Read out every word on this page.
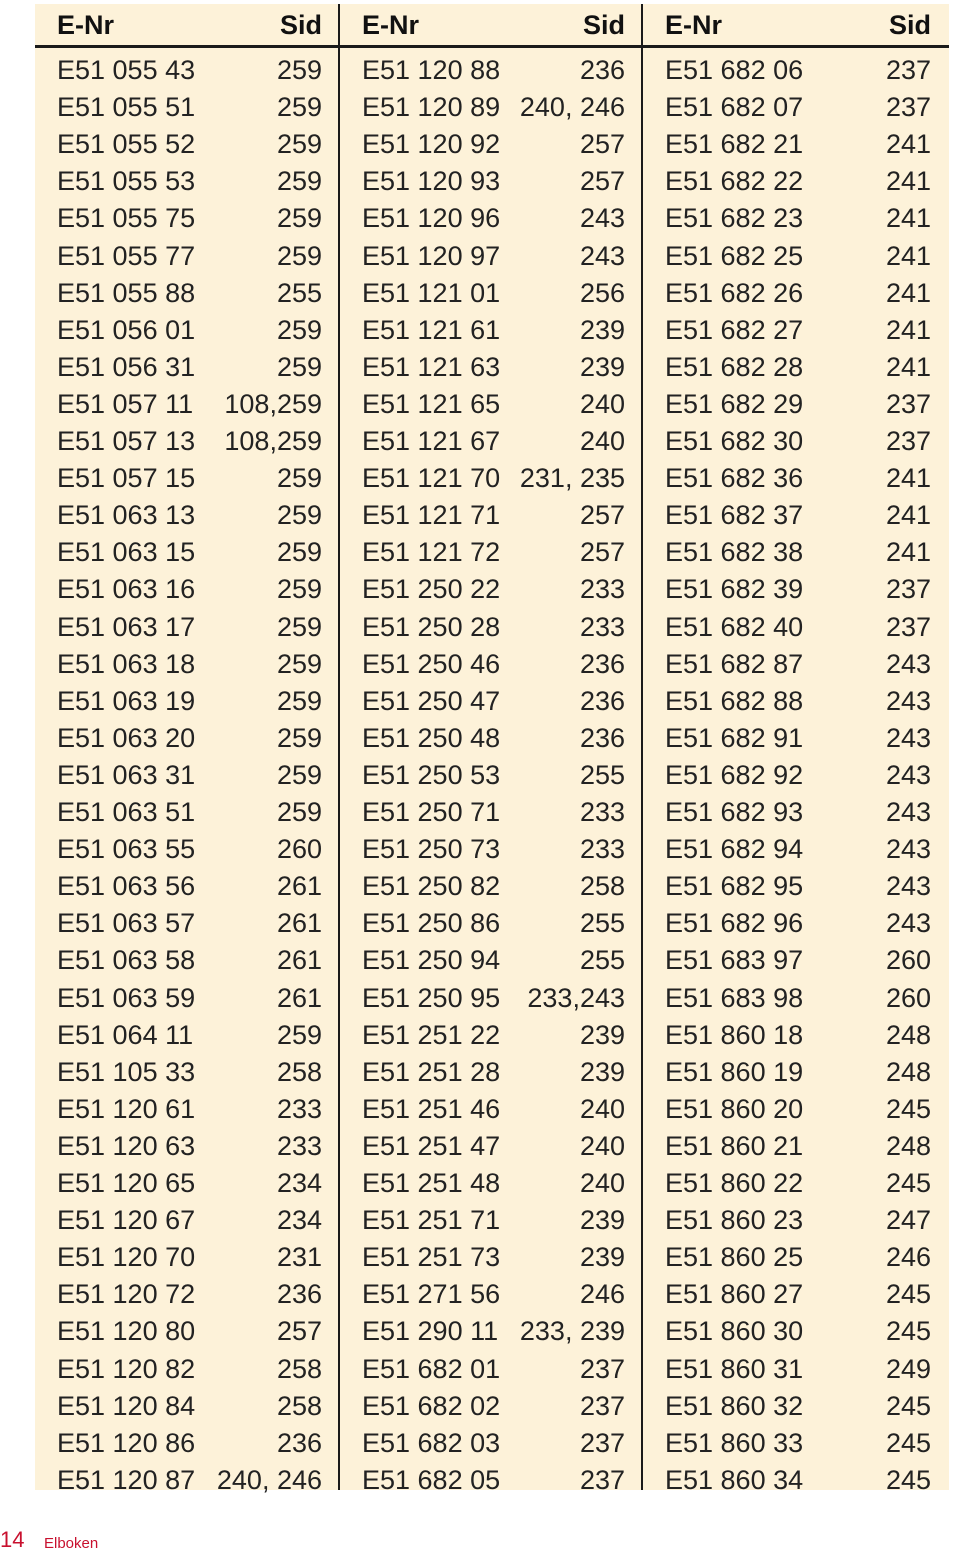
E-Nr	Sid
E51 055 43	259
E51 055 51	259
E51 055 52	259
E51 055 53	259
E51 055 75	259
E51 055 77	259
E51 055 88	255
E51 056 01	259
E51 056 31	259
E51 057 11 108,259
E51 057 13 108,259
E51 057 15	259
E51 063 13	259
E51 063 15	259
E51 063 16	259
E51 063 17	259
E51 063 18	259
E51 063 19	259
E51 063 20	259
E51 063 31	259
E51 063 51	259
E51 063 55	260
E51 063 56	261
E51 063 57	261
E51 063 58	261
E51 063 59	261
E51 064 11	259
E51 105 33	258
E51 120 61	233
E51 120 63	233
E51 120 65	234
E51 120 67	234
E51 120 70	231
E51 120 72	236
E51 120 80	257
E51 120 82	258
E51 120 84	258
E51 120 86	236
E51 120 87 240, 246
E-Nr	Sid
E51 120 88	236
E51 120 89 240, 246
E51 120 92	257
E51 120 93	257
E51 120 96	243
E51 120 97	243
E51 121 01	256
E51 121 61	239
E51 121 63	239
E51 121 65	240
E51 121 67	240
E51 121 70 231, 235
E51 121 71	257
E51 121 72	257
E51 250 22	233
E51 250 28	233
E51 250 46	236
E51 250 47	236
E51 250 48	236
E51 250 53	255
E51 250 71	233
E51 250 73	233
E51 250 82	258
E51 250 86	255
E51 250 94	255
E51 250 95 233,243
E51 251 22	239
E51 251 28	239
E51 251 46	240
E51 251 47	240
E51 251 48	240
E51 251 71	239
E51 251 73	239
E51 271 56	246
E51 290 11 233, 239
E51 682 01	237
E51 682 02	237
E51 682 03	237
E51 682 05	237
E-Nr	Sid
E51 682 06	237
E51 682 07	237
E51 682 21	241
E51 682 22	241
E51 682 23	241
E51 682 25	241
E51 682 26	241
E51 682 27	241
E51 682 28	241
E51 682 29	237
E51 682 30	237
E51 682 36	241
E51 682 37	241
E51 682 38	241
E51 682 39	237
E51 682 40	237
E51 682 87	243
E51 682 88	243
E51 682 91	243
E51 682 92	243
E51 682 93	243
E51 682 94	243
E51 682 95	243
E51 682 96	243
E51 683 97	260
E51 683 98	260
E51 860 18	248
E51 860 19	248
E51 860 20	245
E51 860 21	248
E51 860 22	245
E51 860 23	247
E51 860 25	246
E51 860 27	245
E51 860 30	245
E51 860 31	249
E51 860 32	245
E51 860 33	245
E51 860 34	245
14 Elboken
